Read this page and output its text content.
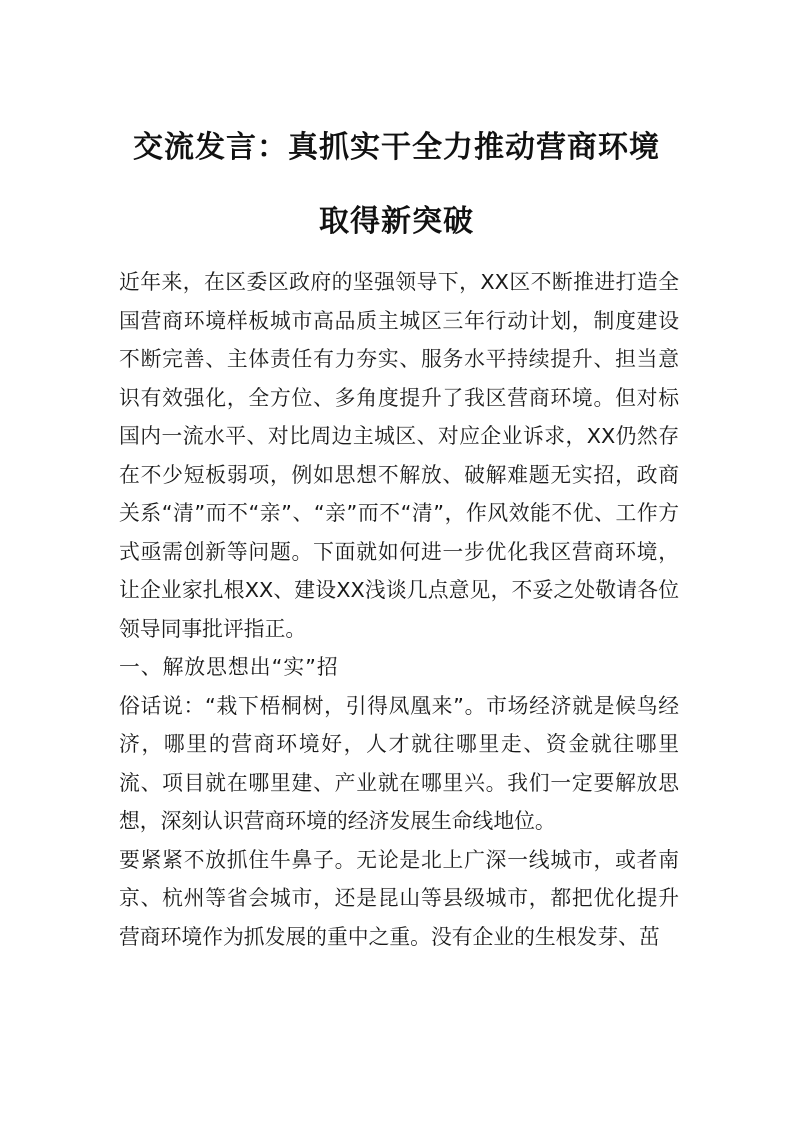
交流发言：真抓实干全力推动营商环境
取得新突破

近年来，在区委区政府的坚强领导下，XX区不断推进打造全国营商环境样板城市高品质主城区三年行动计划，制度建设不断完善、主体责任有力夯实、服务水平持续提升、担当意识有效强化，全方位、多角度提升了我区营商环境。但对标国内一流水平、对比周边主城区、对应企业诉求，XX仍然存在不少短板弱项，例如思想不解放、破解难题无实招，政商关系“清”而不“亲”、“亲”而不“清”，作风效能不优、工作方式亟需创新等问题。下面就如何进一步优化我区营商环境，让企业家扎根XX、建设XX浅谈几点意见，不妥之处敬请各位领导同事批评指正。

一、解放思想出“实”招

俗话说：“栽下梧桐树，引得凤凰来”。市场经济就是候鸟经济，哪里的营商环境好，人才就往哪里走、资金就往哪里流、项目就在哪里建、产业就在哪里兴。我们一定要解放思想，深刻认识营商环境的经济发展生命线地位。

要紧紧不放抓住牛鼻子。无论是北上广深一线城市，或者南京、杭州等省会城市，还是昆山等县级城市，都把优化提升营商环境作为抓发展的重中之重。没有企业的生根发芽、茁
